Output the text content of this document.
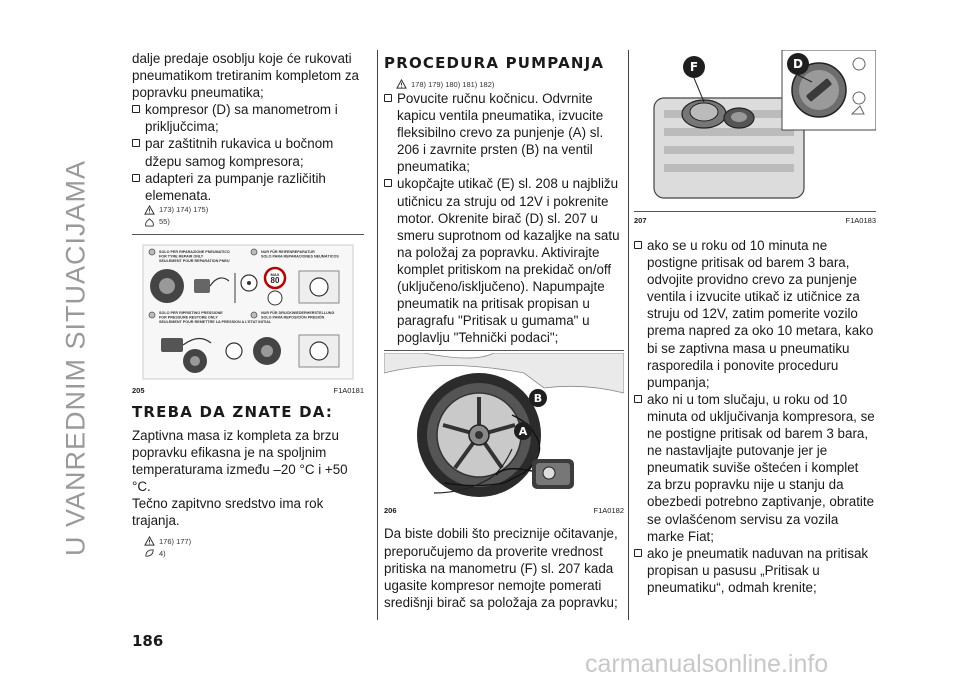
U VANREDNIM SITUACIJAMA

dalje predaje osoblju koje će rukovati pneumatikom tretiranim kompletom za popravku pneumatika;

kompresor (D) sa manometrom i priključcima;

par zaštitnih rukavica u bočnom džepu samog kompresora;

adapteri za pumpanje različitih elemenata.

173) 174) 175)
55)
SOLO PER RIPARAZIONE PNEUMATICO
FOR TYRE REPAIR ONLY
SEULEMENT POUR REPARATION PNEU
NUR FÜR REIFENREPARATUR
SOLO PARA REPARACIONES NEUMÁTICOS
SOLO PER RIPRISTINO PRESSIONE
FOR PRESSURE RESTORE ONLY
SEULEMENT POUR REMETTRE LA PRESSION A L'ETAT INITIAL
NUR FÜR DRUCKWIEDERHERSTELLUNG
SOLO PARA REPOSICIÓN PRESIÓN
MAX
80
205	F1A0181
TREBA DA ZNATE DA:

Zaptivna masa iz kompleta za brzu popravku efikasna je na spoljnim temperaturama između –20 °C i +50 °C.

Tečno zapitvno sredstvo ima rok trajanja.

176) 177)
4)
PROCEDURA PUMPANJA
178) 179) 180) 181) 182)

Povucite ručnu kočnicu. Odvrnite kapicu ventila pneumatika, izvucite fleksibilno crevo za punjenje (A) sl. 206 i zavrnite prsten (B) na ventil pneumatika;

ukopčajte utikač (E) sl. 208 u najbližu utičnicu za struju od 12V i pokrenite motor. Okrenite birač (D) sl. 207 u smeru suprotnom od kazaljke na satu na položaj za popravku. Aktivirajte komplet pritiskom na prekidač on/off (uključeno/isključeno). Napumpajte pneumatik na pritisak propisan u paragrafu "Pritisak u gumama" u poglavlju "Tehnički podaci";

B
A
206	F1A0182

Da biste dobili što preciznije očitavanje, preporučujemo da proverite vrednost pritiska na manometru (F) sl. 207 kada ugasite kompresor nemojte pomerati središnji birač sa položaja za popravku;

F	D
207	F1A0183

ako se u roku od 10 minuta ne postigne pritisak od barem 3 bara, odvojite providno crevo za punjenje ventila i izvucite utikač iz utičnice za struju od 12V, zatim pomerite vozilo prema napred za oko 10 metara, kako bi se zaptivna masa u pneumatiku rasporedila i ponovite proceduru pumpanja;

ako ni u tom slučaju, u roku od 10 minuta od uključivanja kompresora, se ne postigne pritisak od barem 3 bara, ne nastavljajte putovanje jer je pneumatik suviše oštećen i komplet za brzu popravku nije u stanju da obezbedi potrebno zaptivanje, obratite se ovlašćenom servisu za vozila marke Fiat;

ako je pneumatik naduvan na pritisak propisan u pasusu „Pritisak u pneumatiku“, odmah krenite;

186
carmanualsonline.info
